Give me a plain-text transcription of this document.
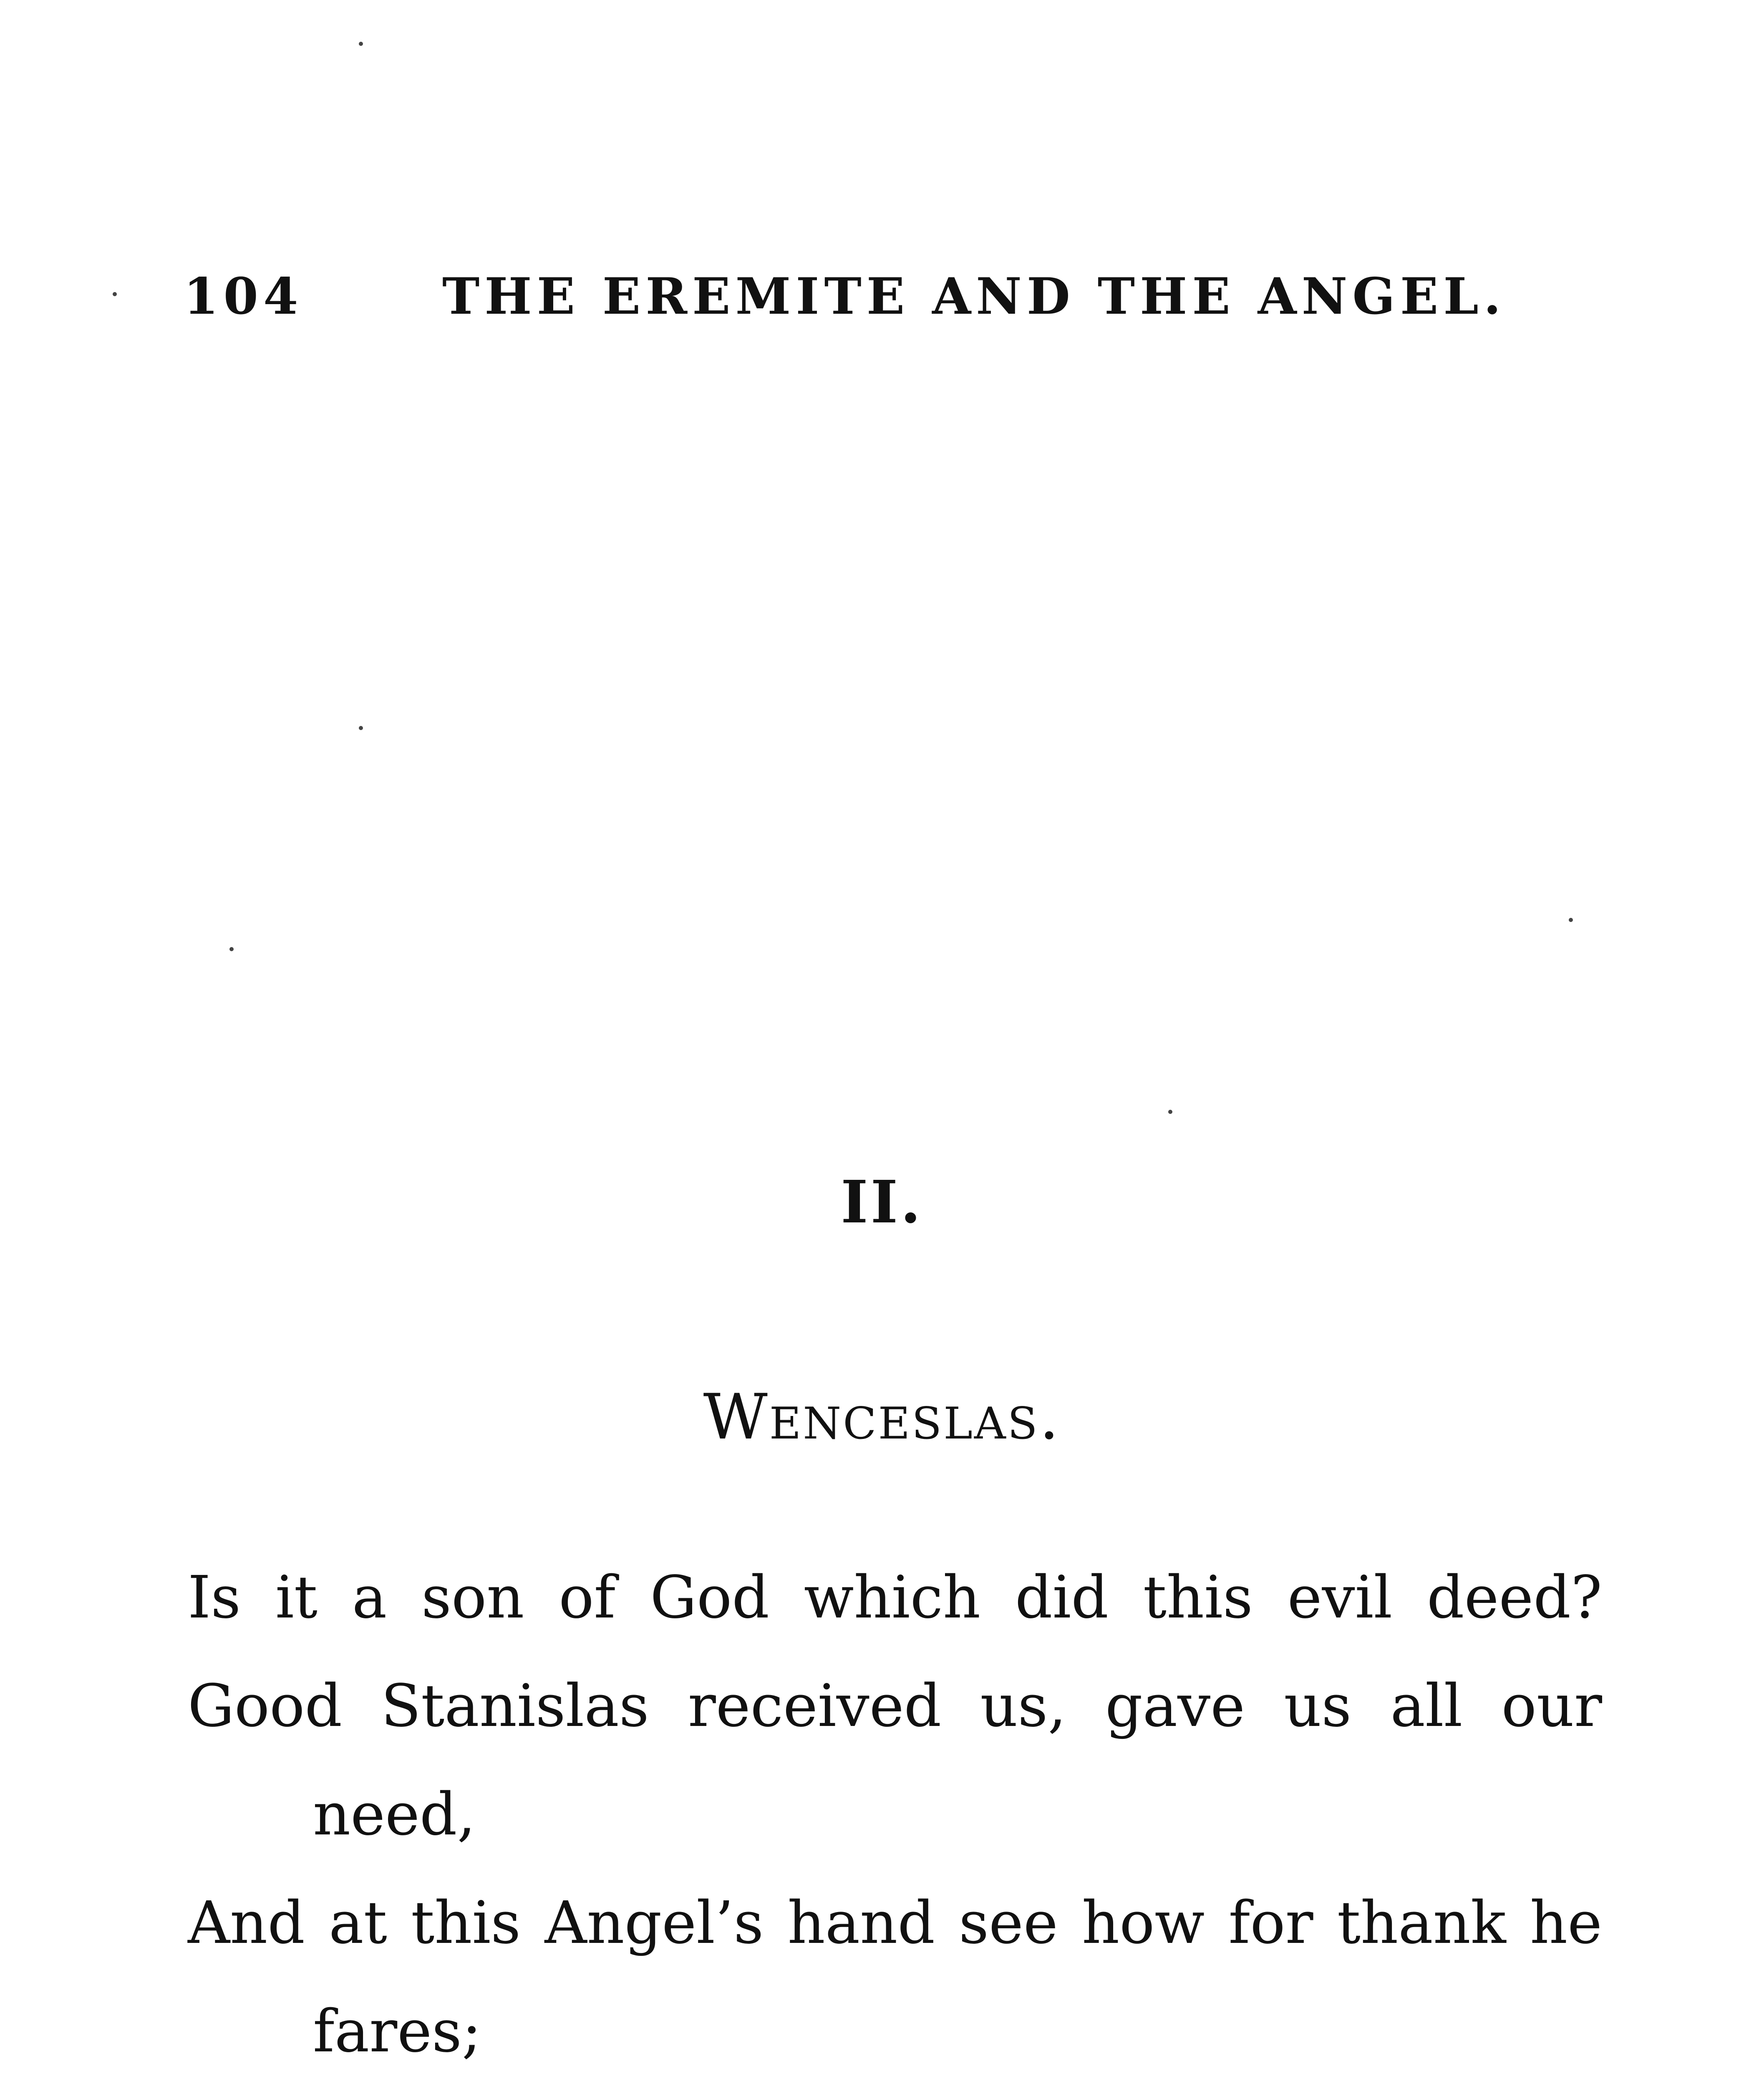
104	THE EREMITE AND THE ANGEL.
II.
Wenceslas.
Is it a son of God which did this evil deed?
Good Stanislas received us, gave us all our
need,
And at this Angel’s hand see how for thank he
fares;
